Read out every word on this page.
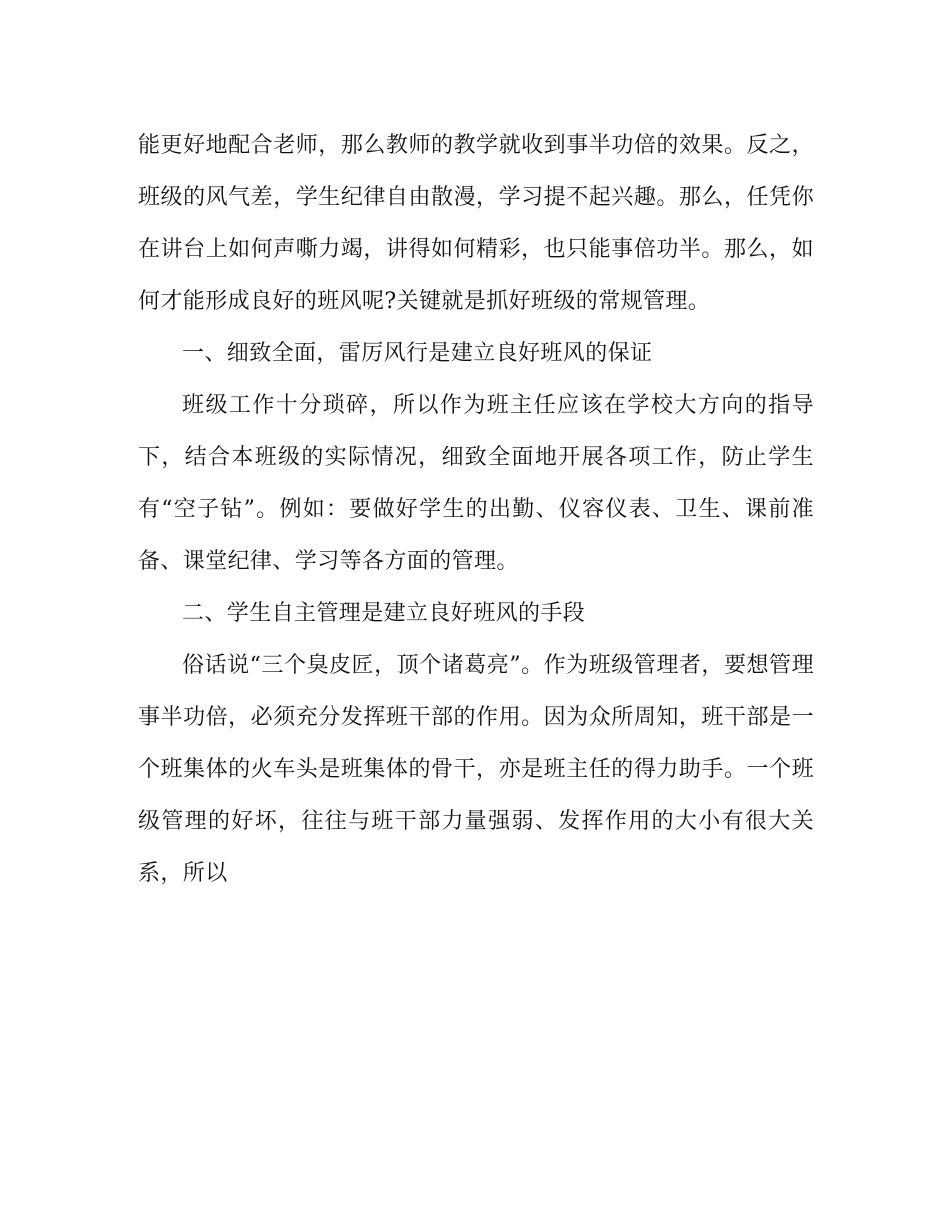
能更好地配合老师，那么教师的教学就收到事半功倍的效果。反之，班级的风气差，学生纪律自由散漫，学习提不起兴趣。那么，任凭你在讲台上如何声嘶力竭，讲得如何精彩，也只能事倍功半。那么，如何才能形成良好的班风呢?关键就是抓好班级的常规管理。

一、细致全面，雷厉风行是建立良好班风的保证

班级工作十分琐碎，所以作为班主任应该在学校大方向的指导下，结合本班级的实际情况，细致全面地开展各项工作，防止学生有“空子钻”。例如：要做好学生的出勤、仪容仪表、卫生、课前准备、课堂纪律、学习等各方面的管理。

二、学生自主管理是建立良好班风的手段

俗话说“三个臭皮匠，顶个诸葛亮”。作为班级管理者，要想管理事半功倍，必须充分发挥班干部的作用。因为众所周知，班干部是一个班集体的火车头是班集体的骨干，亦是班主任的得力助手。一个班级管理的好坏，往往与班干部力量强弱、发挥作用的大小有很大关系，所以
